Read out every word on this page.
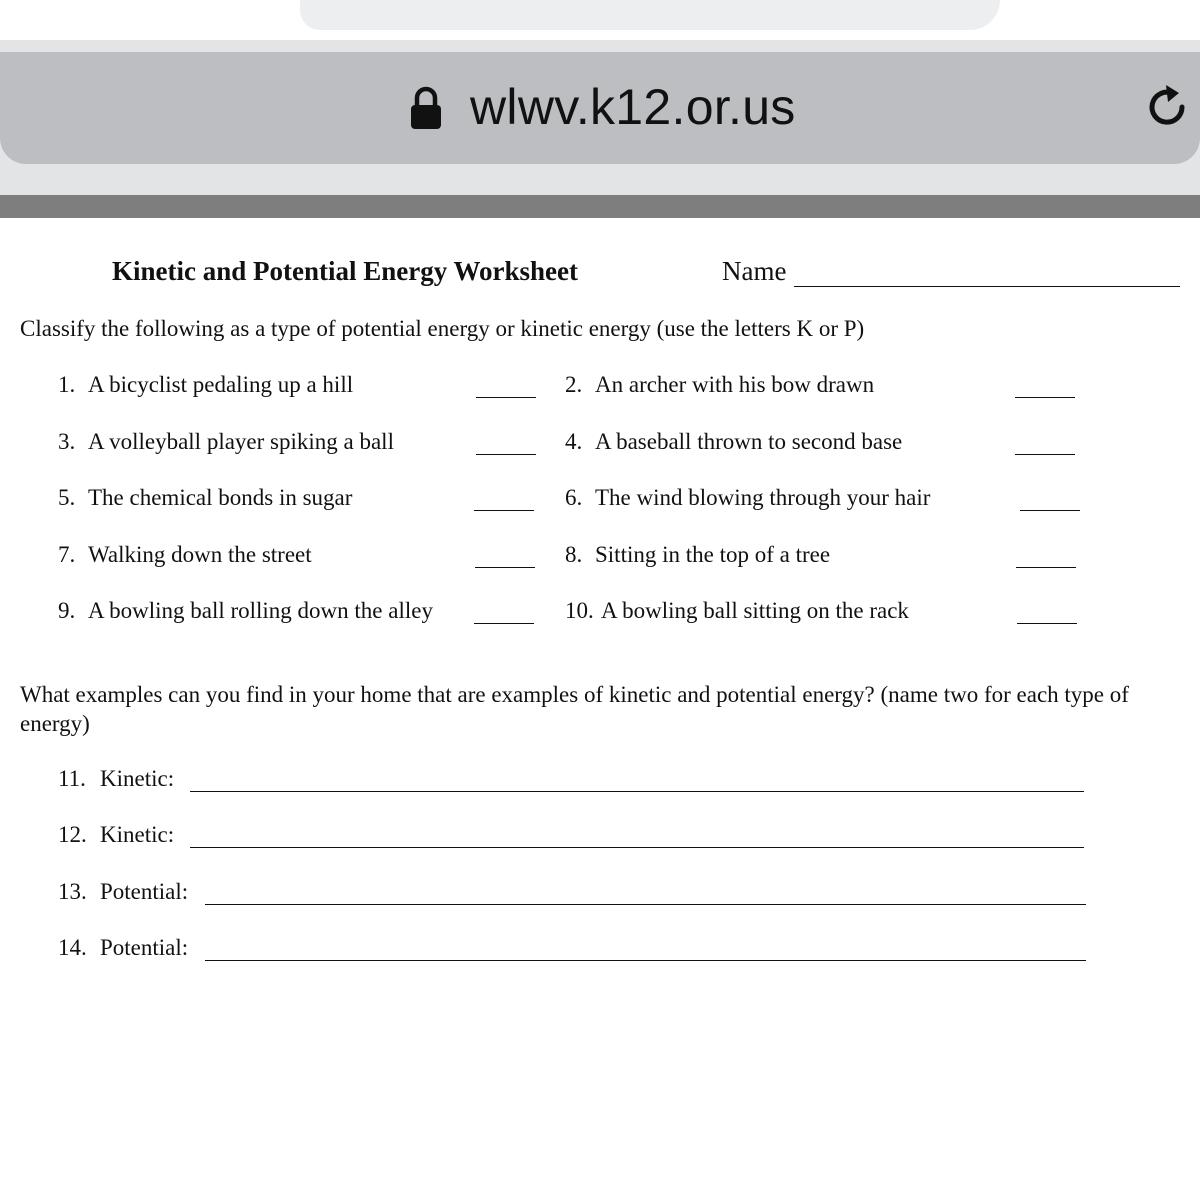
wlwv.k12.or.us
Kinetic and Potential Energy Worksheet	Name
Classify the following as a type of potential energy or kinetic energy (use the letters K or P)
1. A bicyclist pedaling up a hill	2. An archer with his bow drawn
3. A volleyball player spiking a ball	4. A baseball thrown to second base
5. The chemical bonds in sugar	6. The wind blowing through your hair
7. Walking down the street	8. Sitting in the top of a tree
9. A bowling ball rolling down the alley	10. A bowling ball sitting on the rack
What examples can you find in your home that are examples of kinetic and potential energy? (name two for each type of energy)
11. Kinetic:
12. Kinetic:
13. Potential:
14. Potential:
